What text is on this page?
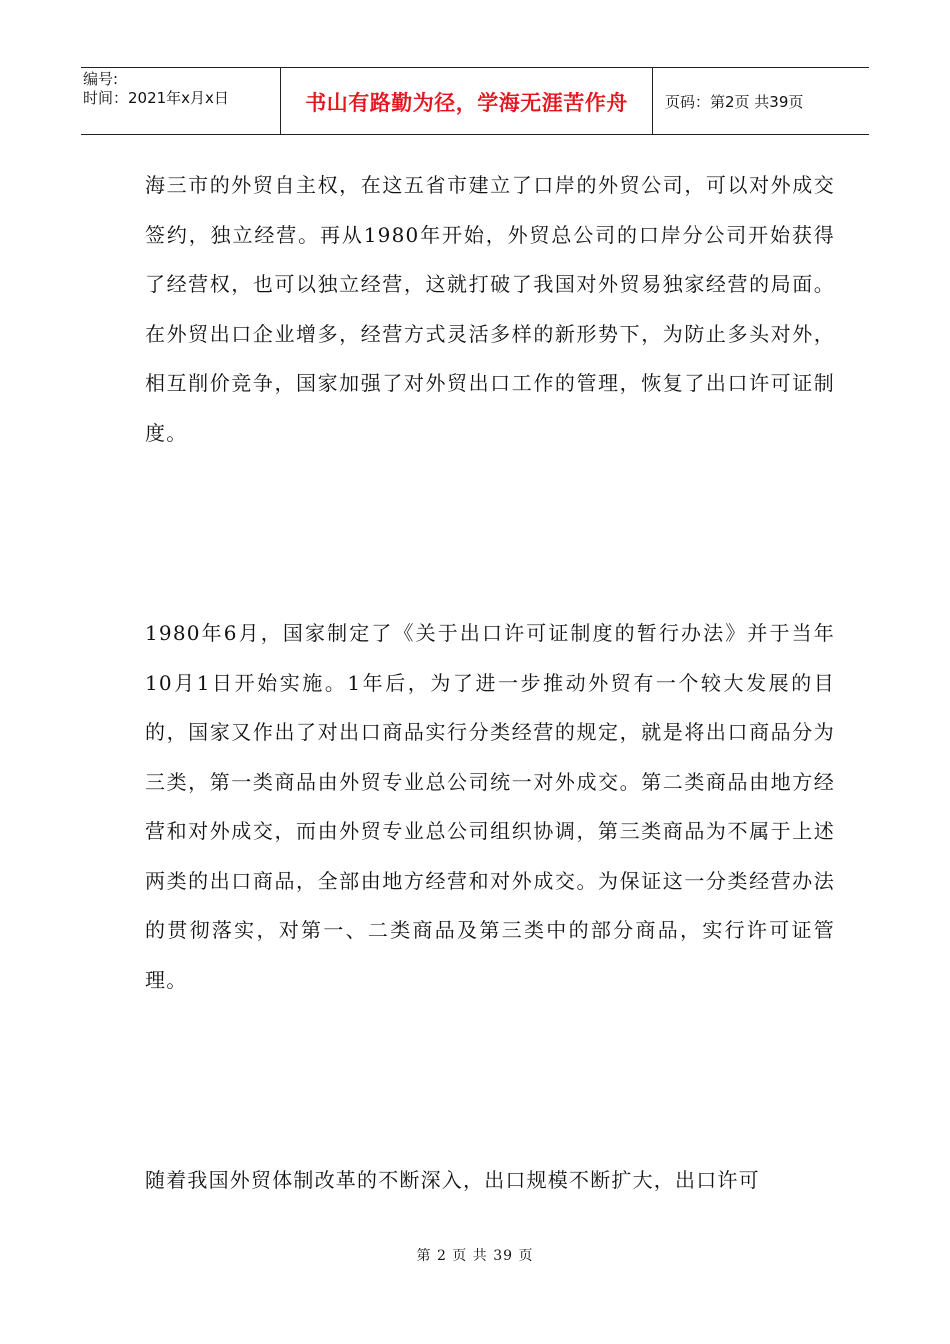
编号:
时间：2021年x月x日	书山有路勤为径，学海无涯苦作舟 页码：第2页 共39页

海三市的外贸自主权，在这五省市建立了口岸的外贸公司，可以对外成交签约，独立经营。再从1980年开始，外贸总公司的口岸分公司开始获得了经营权，也可以独立经营，这就打破了我国对外贸易独家经营的局面。在外贸出口企业增多，经营方式灵活多样的新形势下，为防止多头对外，相互削价竞争，国家加强了对外贸出口工作的管理，恢复了出口许可证制度。

1980年6月，国家制定了《关于出口许可证制度的暂行办法》并于当年10月1日开始实施。1年后，为了进一步推动外贸有一个较大发展的目的，国家又作出了对出口商品实行分类经营的规定，就是将出口商品分为三类，第一类商品由外贸专业总公司统一对外成交。第二类商品由地方经营和对外成交，而由外贸专业总公司组织协调，第三类商品为不属于上述两类的出口商品，全部由地方经营和对外成交。为保证这一分类经营办法的贯彻落实，对第一、二类商品及第三类中的部分商品，实行许可证管理。

随着我国外贸体制改革的不断深入，出口规模不断扩大，出口许可

第 2 页 共 39 页
